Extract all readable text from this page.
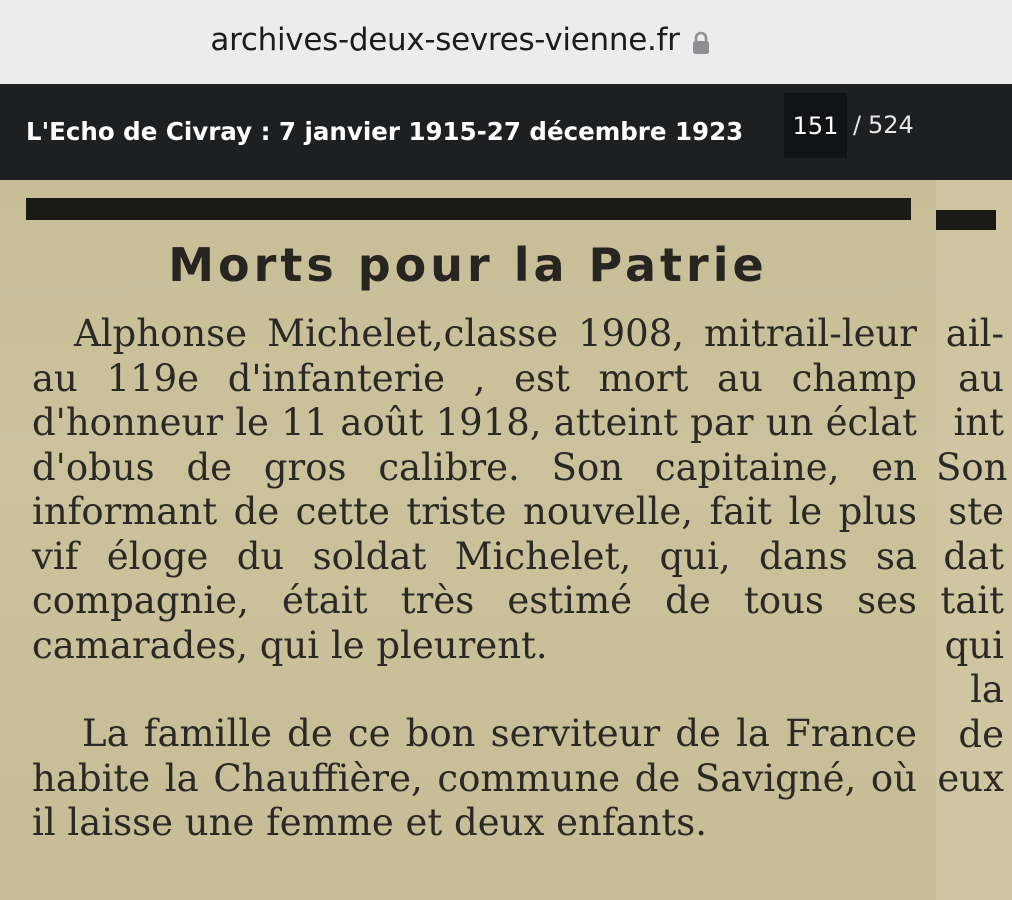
archives-deux-sevres-vienne.fr
L'Echo de Civray : 7 janvier 1915-27 décembre 1923
151	/ 524
Morts pour la Patrie

Alphonse Michelet,classe 1908, mitrail-leur au 119e d'infanterie , est mort au champ d'honneur le 11 août 1918, atteint par un éclat d'obus de gros calibre. Son capitaine, en informant de cette triste nouvelle, fait le plus vif éloge du soldat Michelet, qui, dans sa compagnie, était très estimé de tous ses camarades, qui le pleurent.

La famille de ce bon serviteur de la France habite la Chauffière, commune de Savigné, où il laisse une femme et deux enfants.

ail-
au
int
Son
ste
dat
tait
qui
la
de
eux
